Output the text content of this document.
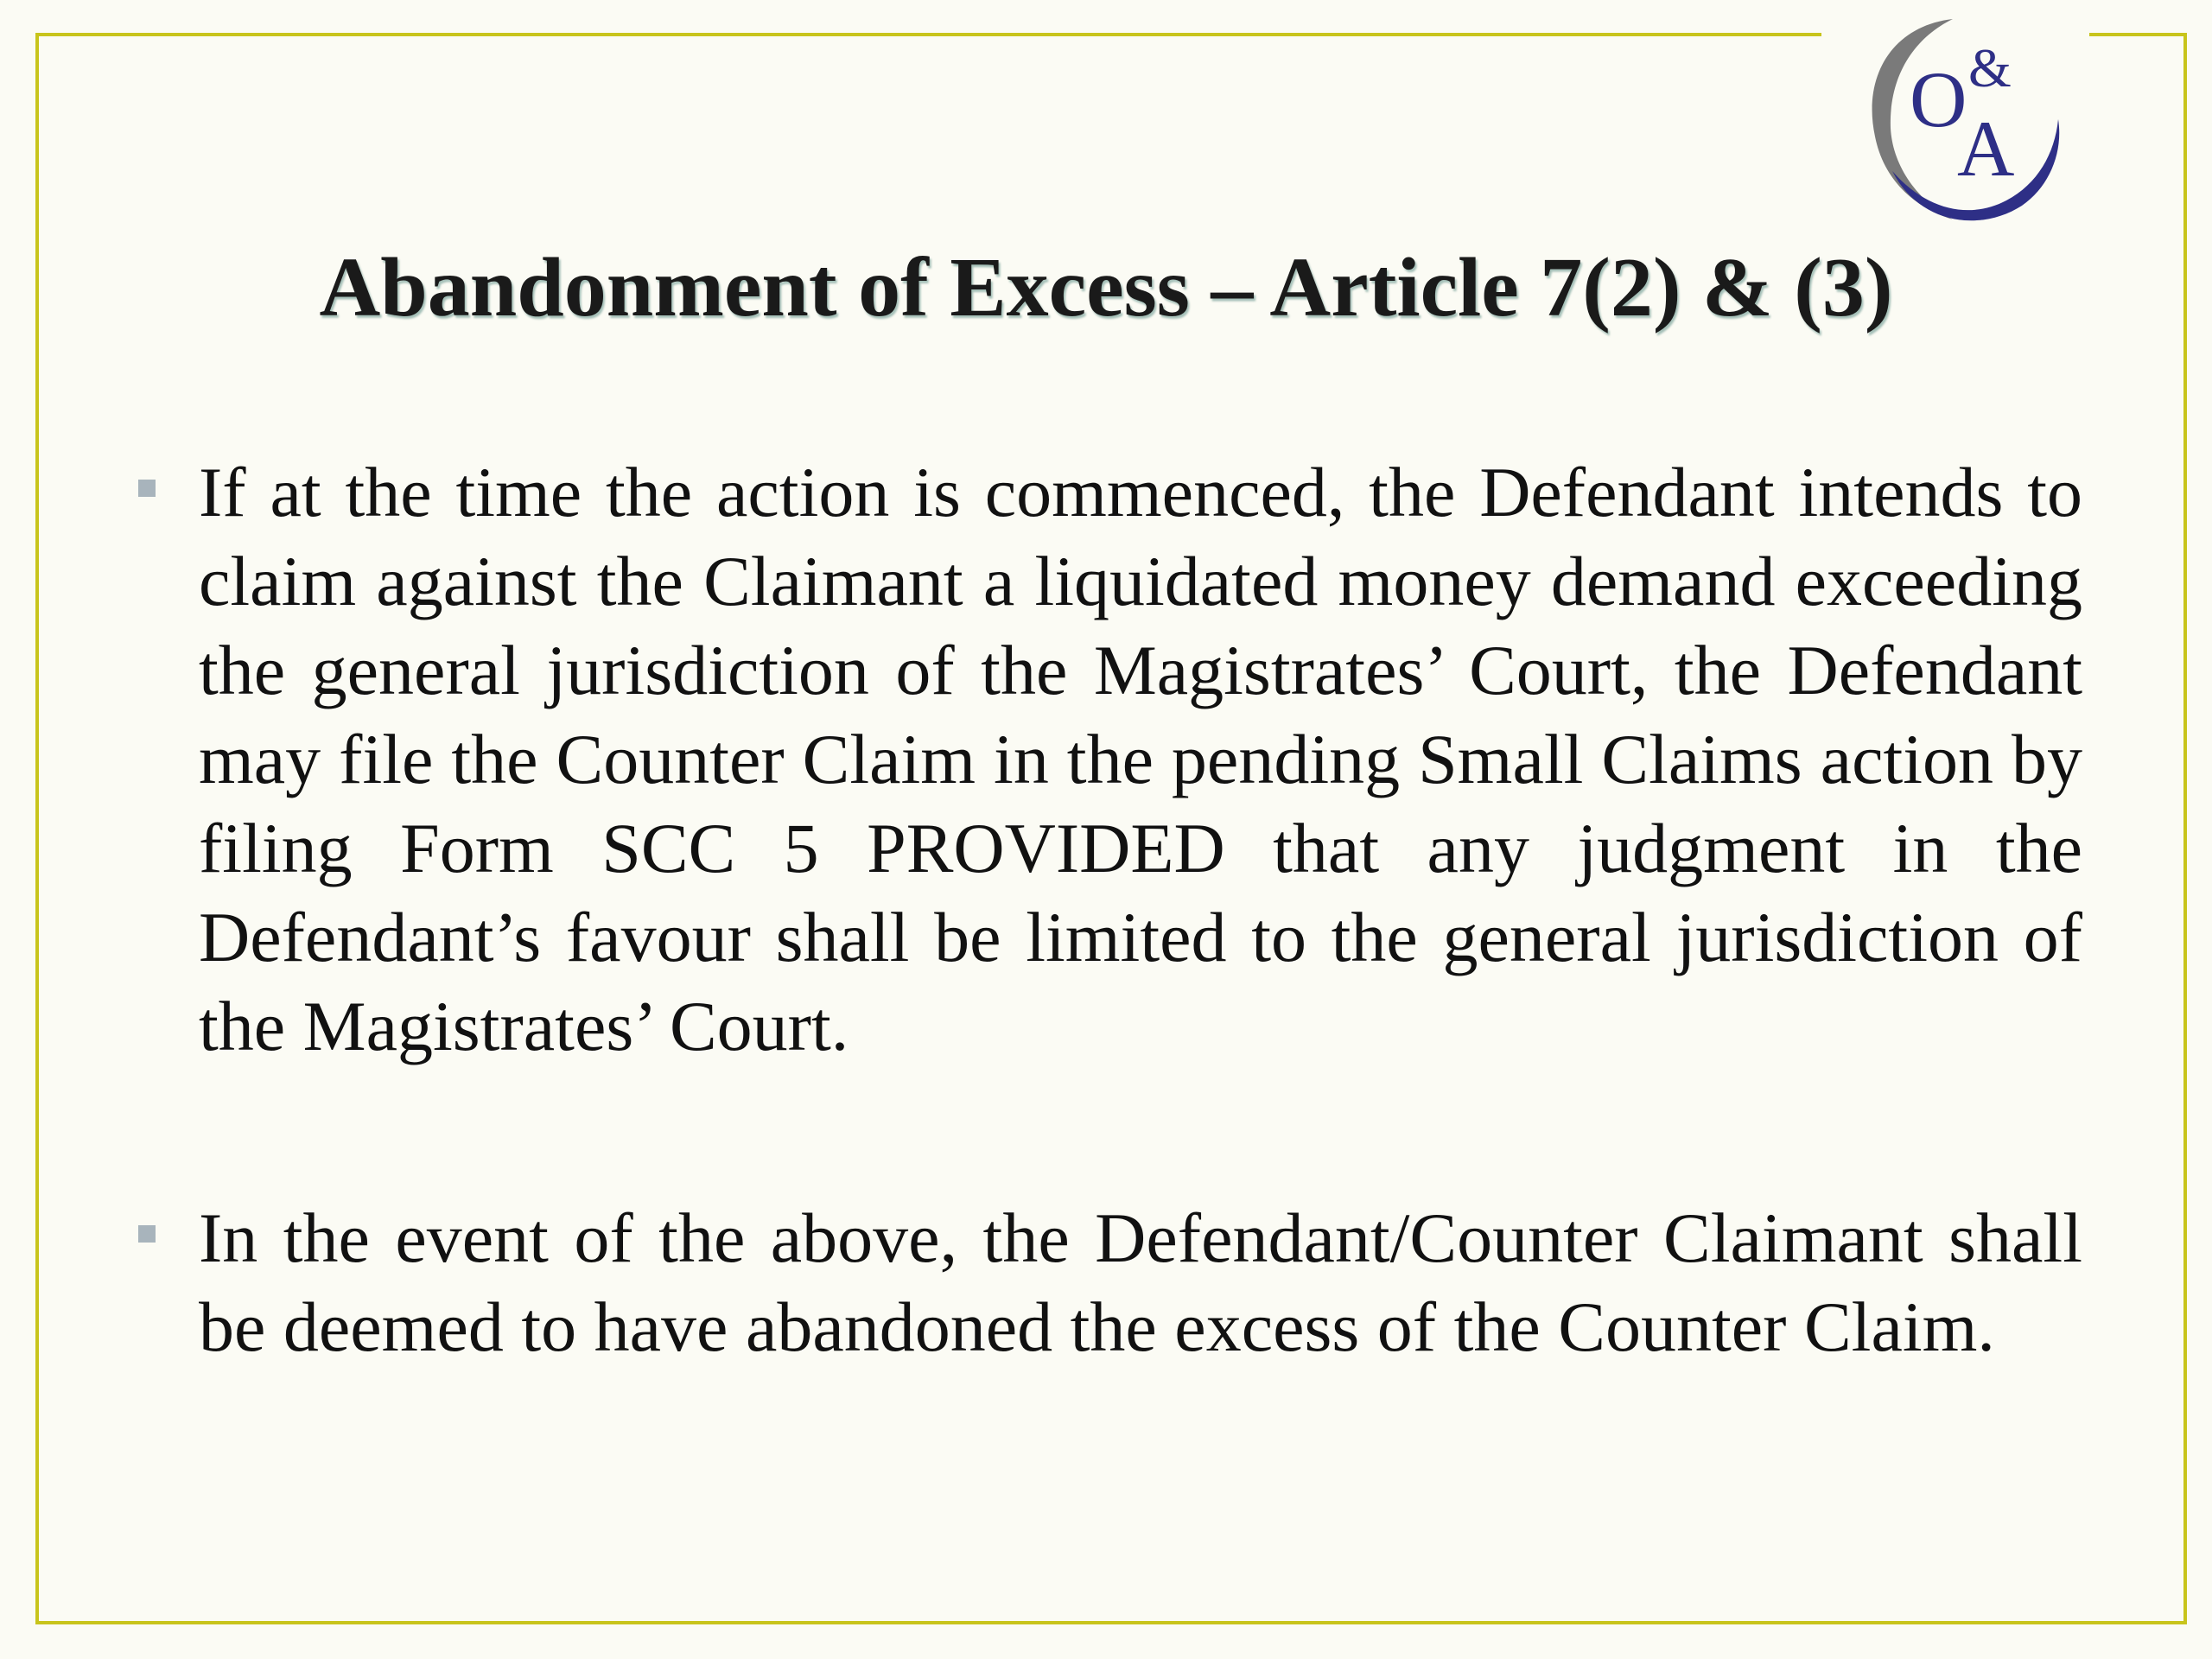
O &
A
Abandonment of Excess – Article 7(2) & (3)
If at the time the action is commenced, the Defendant intends to claim against the Claimant a liquidated money demand exceeding the general jurisdiction of the Magistrates’ Court, the Defendant may file the Counter Claim in the pending Small Claims action by filing Form SCC 5 PROVIDED that any judgment in the Defendant’s favour shall be limited to the general jurisdiction of the Magistrates’ Court.
In the event of the above, the Defendant/Counter Claimant shall be deemed to have abandoned the excess of the Counter Claim.
